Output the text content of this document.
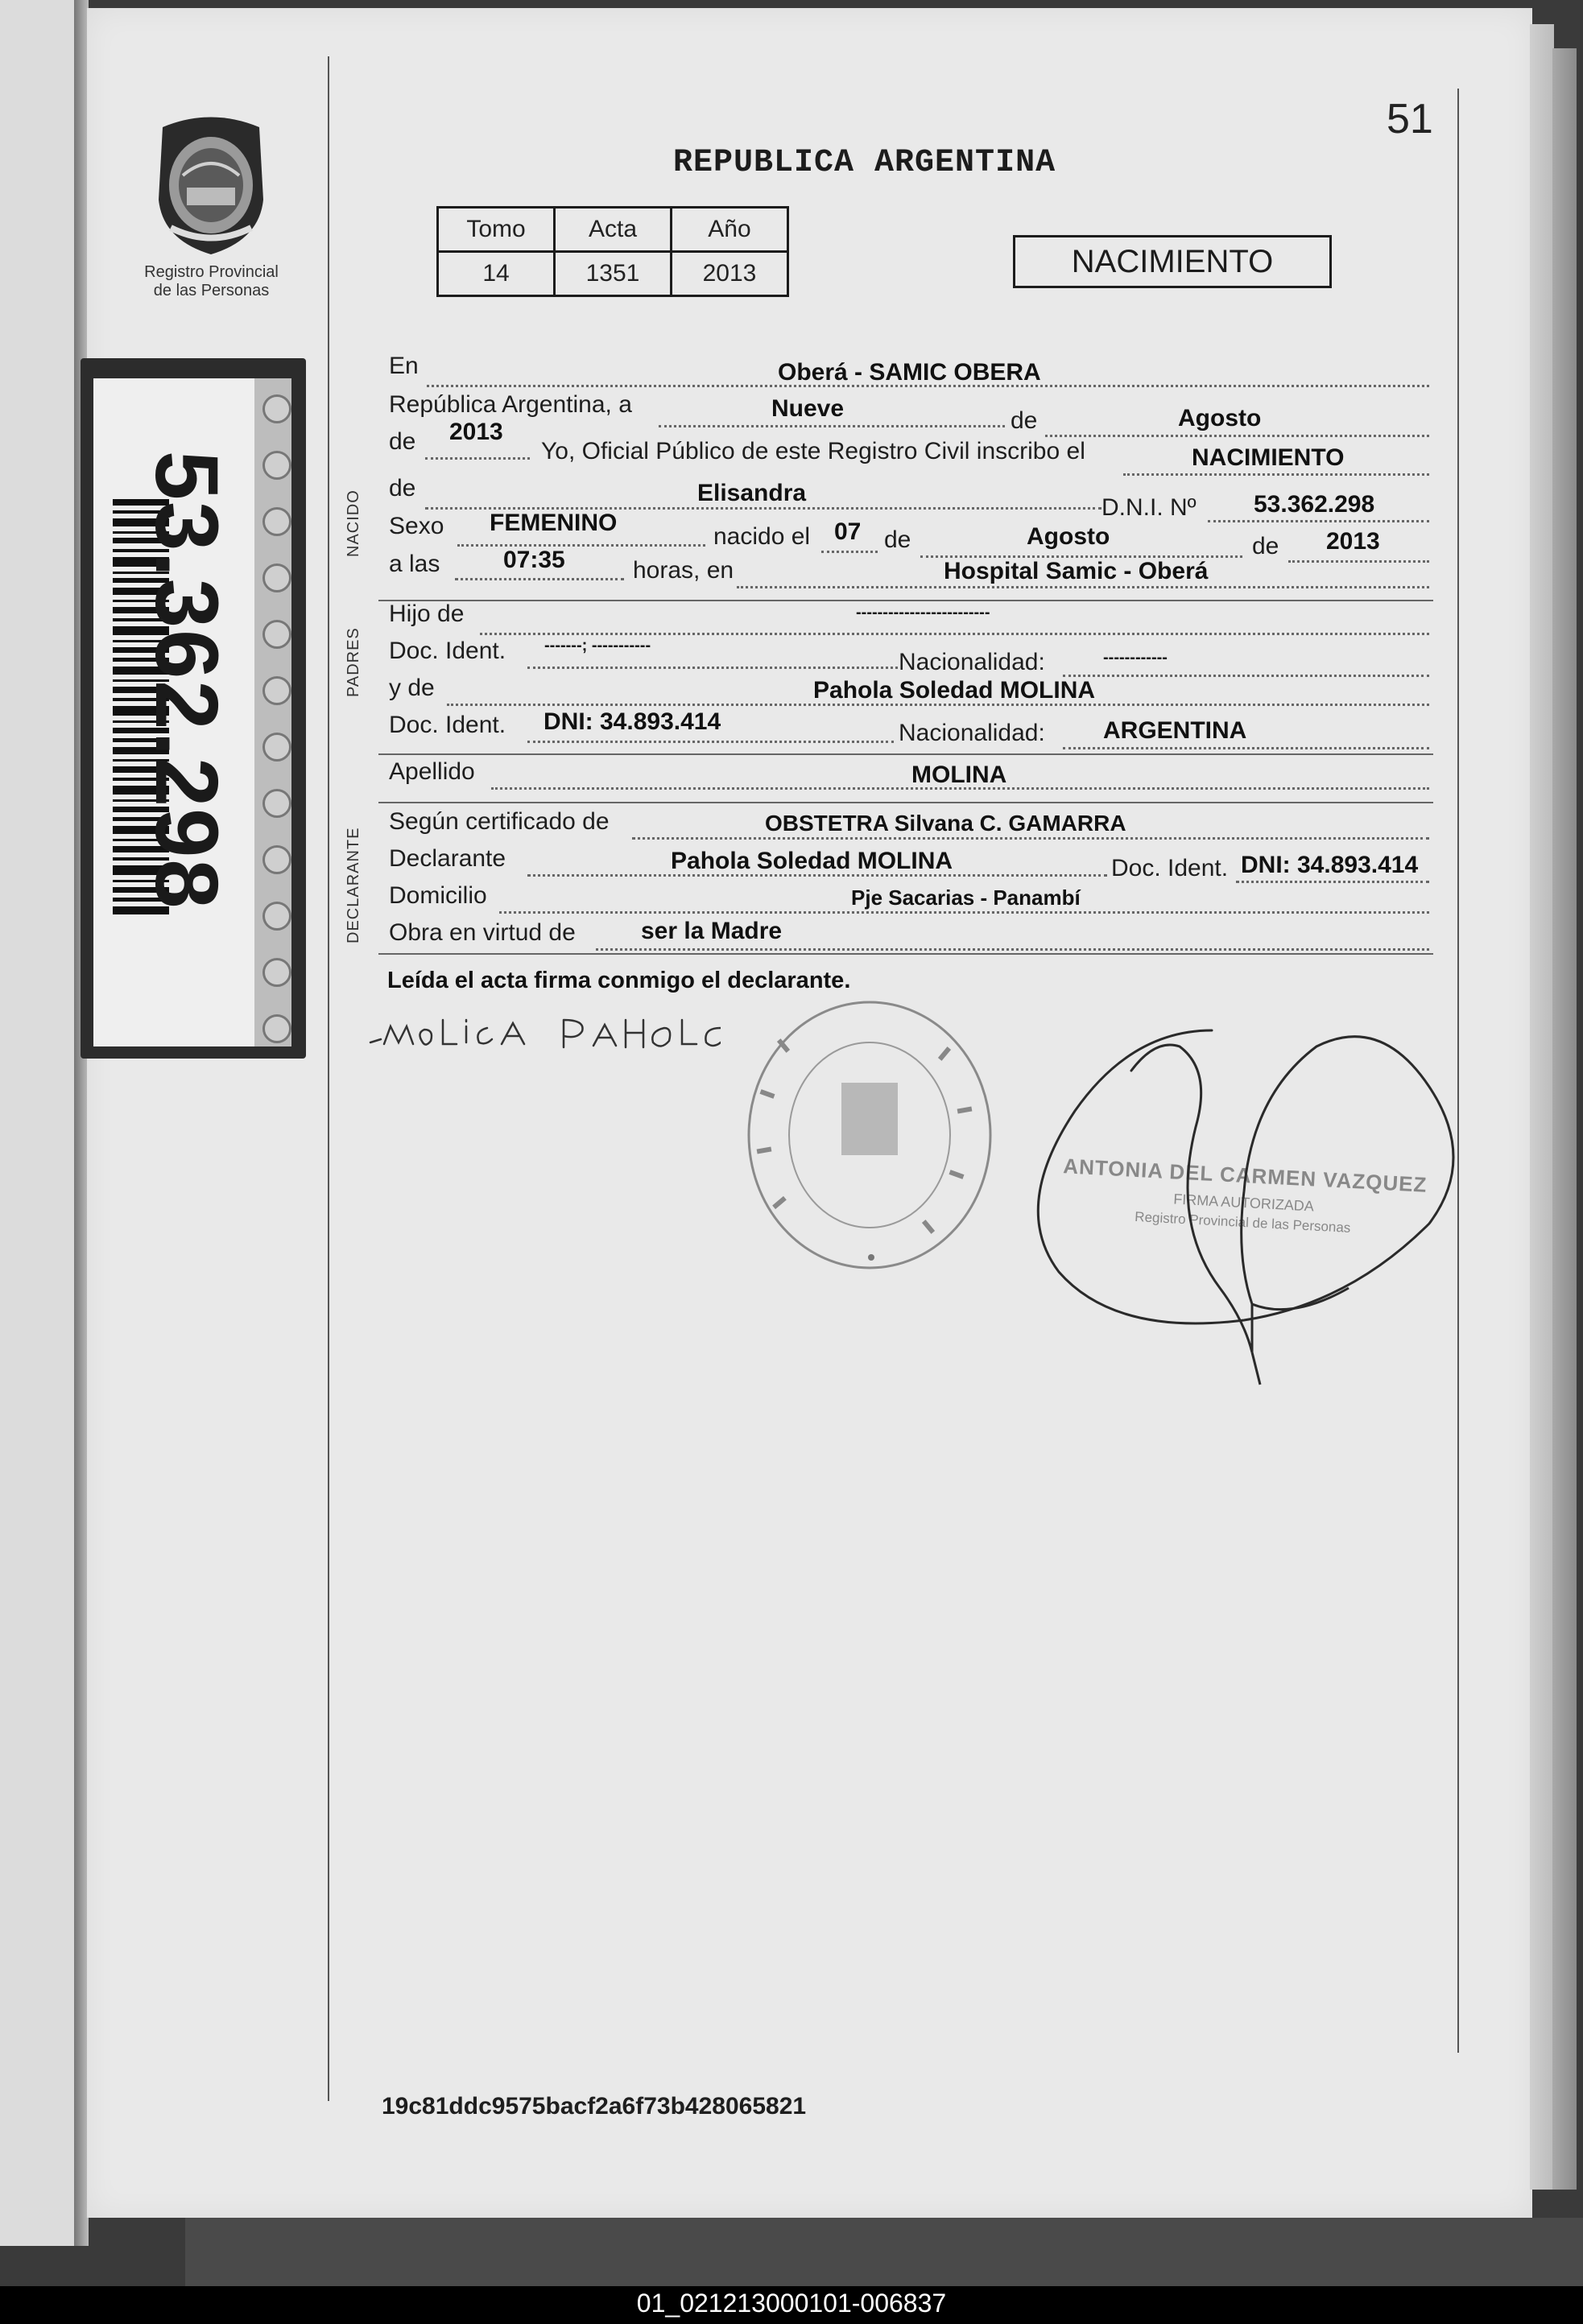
Registro Provincial
de las Personas
53.362.298
51
REPUBLICA ARGENTINA
Tomo	Acta	Año
14	1351	2013	NACIMIENTO
NACIDO
PADRES
DECLARANTE
En	Oberá - SAMIC OBERA
República Argentina, a	Nueve	de	Agosto
de 2013
Yo, Oficial Público de este Registro Civil inscribo el	NACIMIENTO
de	Elisandra
D.N.I. Nº 53.362.298
Sexo FEMENINO
nacido el 07 de	Agosto	de 2013
a las	07:35	horas, en	Hospital Samic - Oberá
Hijo de	-------------------------
Doc. Ident. -------; -----------
Nacionalidad:	------------
y de	Pahola Soledad MOLINA
Doc. Ident. DNI: 34.893.414	Nacionalidad: ARGENTINA
Apellido	MOLINA
Según certificado de	OBSTETRA Silvana C. GAMARRA
Declarante	Pahola Soledad MOLINA	Doc. Ident. DNI: 34.893.414
Domicilio	Pje Sacarias - Panambí
Obra en virtud de	ser la Madre
Leída el acta firma conmigo el declarante.
ANTONIA DEL CARMEN VAZQUEZ
FIRMA AUTORIZADA
Registro Provincial de las Personas
19c81ddc9575bacf2a6f73b428065821
01_021213000101-006837
